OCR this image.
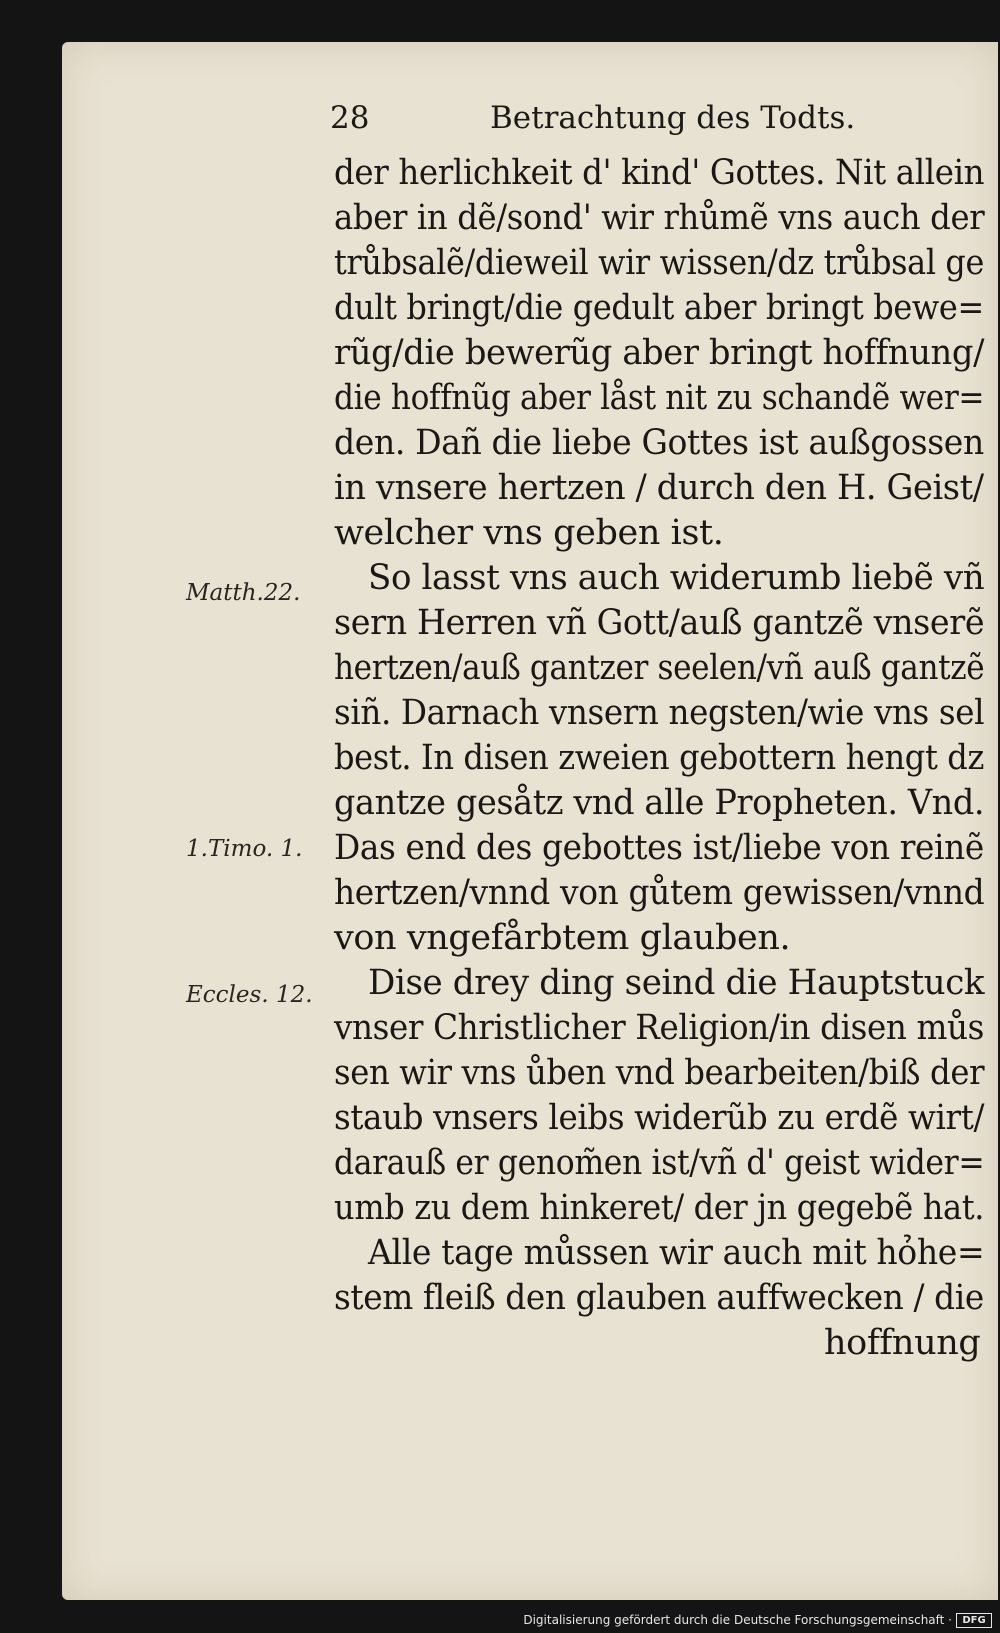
28	Betrachtung des Todts.
der herlichkeit d' kind' Gottes. Nit allein
aber in dẽ/sond' wir rhůmẽ vns auch der
trůbsalẽ/dieweil wir wissen/dz trůbsal ge
dult bringt/die gedult aber bringt bewe=
rũg/die bewerũg aber bringt hoffnung/
die hoffnũg aber låst nit zu schandẽ wer=
den. Dañ die liebe Gottes ist außgossen
in vnsere hertzen / durch den H. Geist/
welcher vns geben ist.
So lasst vns auch widerumb liebẽ vñ
sern Herren vñ Gott/auß gantzẽ vnserẽ
hertzen/auß gantzer seelen/vñ auß gantzẽ
siñ. Darnach vnsern negsten/wie vns sel
best. In disen zweien gebottern hengt dz
gantze gesåtz vnd alle Propheten. Vnd.
Das end des gebottes ist/liebe von reinẽ
hertzen/vnnd von gůtem gewissen/vnnd
von vngefårbtem glauben.
Dise drey ding seind die Hauptstuck
vnser Christlicher Religion/in disen můs
sen wir vns ůben vnd bearbeiten/biß der
staub vnsers leibs widerũb zu erdẽ wirt/
darauß er genom̃en ist/vñ d' geist wider=
umb zu dem hinkeret/ der jn gegebẽ hat.
Alle tage můssen wir auch mit hỏhe=
stem fleiß den glauben auffwecken / die
hoffnung
Matth.22.
1.Timo. 1.
Eccles. 12.
Digitalisierung gefördert durch die Deutsche Forschungsgemeinschaft ·	DFG
